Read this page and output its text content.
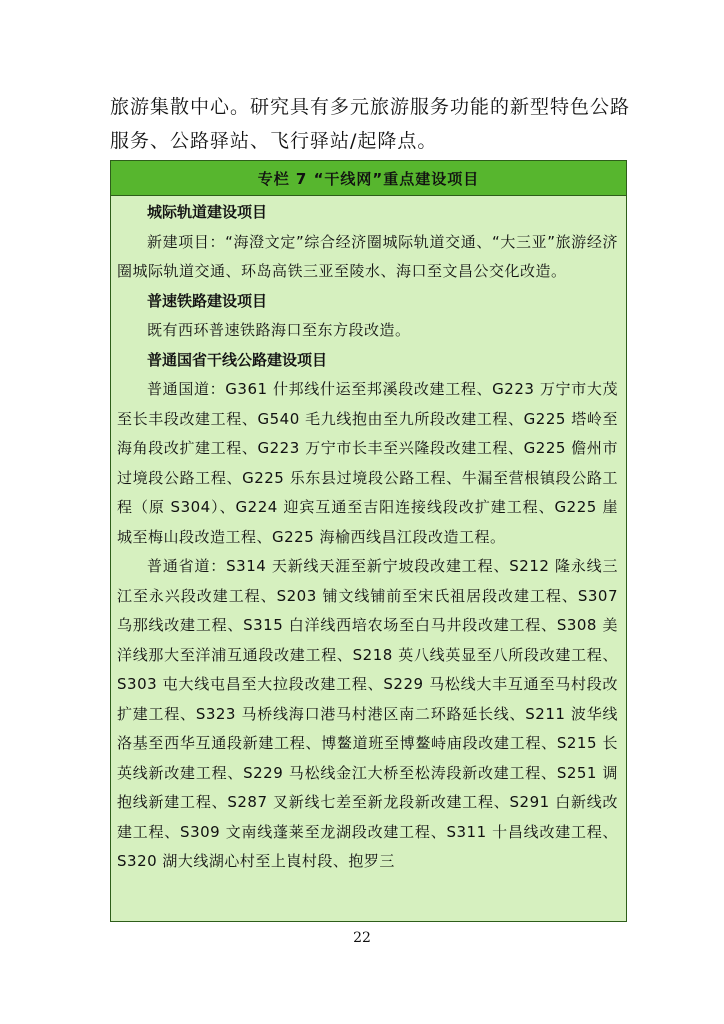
旅游集散中心。研究具有多元旅游服务功能的新型特色公路
服务、公路驿站、飞行驿站/起降点。

专栏 7 “干线网”重点建设项目

城际轨道建设项目

新建项目：“海澄文定”综合经济圈城际轨道交通、“大三亚”旅游经济圈城际轨道交通、环岛高铁三亚至陵水、海口至文昌公交化改造。

普速铁路建设项目

既有西环普速铁路海口至东方段改造。

普通国省干线公路建设项目

普通国道：G361 什邦线什运至邦溪段改建工程、G223 万宁市大茂至长丰段改建工程、G540 毛九线抱由至九所段改建工程、G225 塔岭至海角段改扩建工程、G223 万宁市长丰至兴隆段改建工程、G225 儋州市过境段公路工程、G225 乐东县过境段公路工程、牛漏至营根镇段公路工程（原 S304）、G224 迎宾互通至吉阳连接线段改扩建工程、G225 崖城至梅山段改造工程、G225 海榆西线昌江段改造工程。

普通省道：S314 天新线天涯至新宁坡段改建工程、S212 隆永线三江至永兴段改建工程、S203 铺文线铺前至宋氏祖居段改建工程、S307 乌那线改建工程、S315 白洋线西培农场至白马井段改建工程、S308 美洋线那大至洋浦互通段改建工程、S218 英八线英显至八所段改建工程、S303 屯大线屯昌至大拉段改建工程、S229 马松线大丰互通至马村段改扩建工程、S323 马桥线海口港马村港区南二环路延长线、S211 波华线洛基至西华互通段新建工程、博鳌道班至博鳌峙庙段改建工程、S215 长英线新改建工程、S229 马松线金江大桥至松涛段新改建工程、S251 调抱线新建工程、S287 叉新线七差至新龙段新改建工程、S291 白新线改建工程、S309 文南线蓬莱至龙湖段改建工程、S311 十昌线改建工程、S320 湖大线湖心村至上崀村段、抱罗三

22
